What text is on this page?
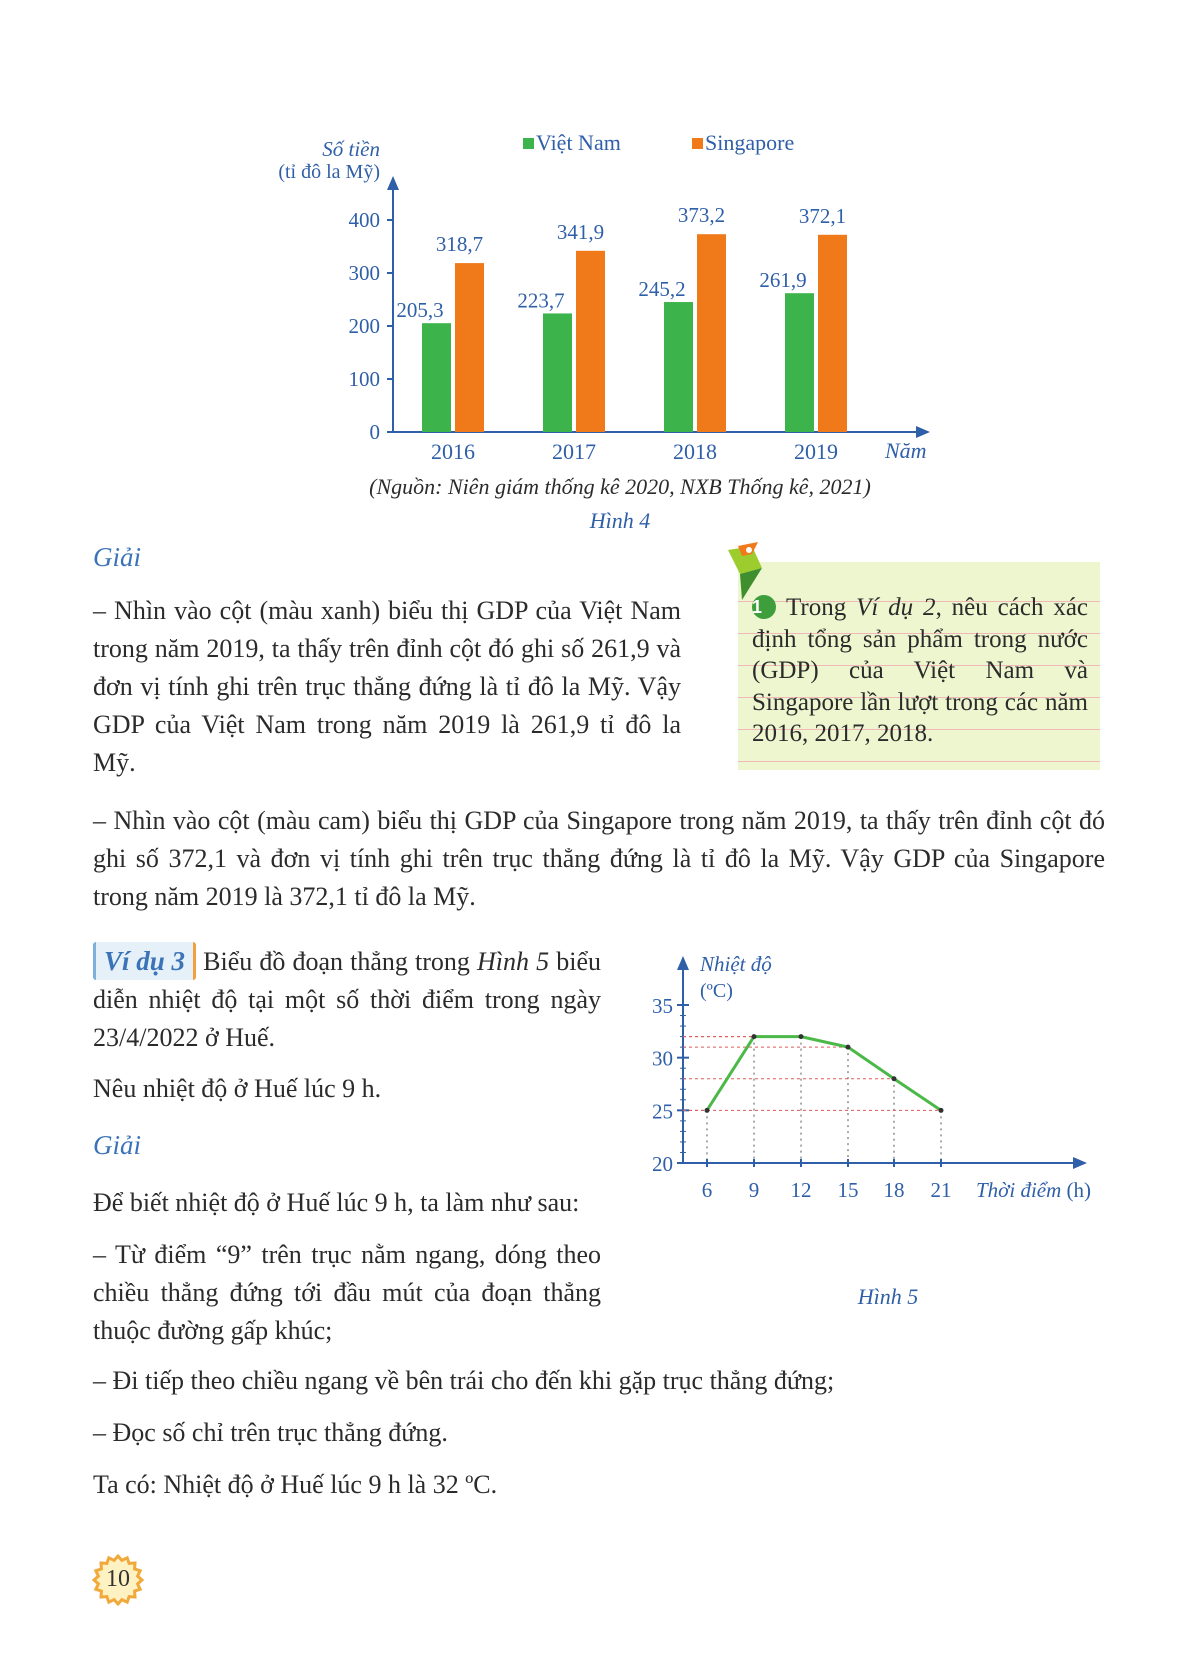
Số tiền
(tỉ đô la Mỹ)
Năm
0
100
200
300
400
2016
205,3
318,7
2017
223,7
341,9
2018
245,2
373,2
2019
261,9
372,1
Việt Nam	Singapore
(Nguồn: Niên giám thống kê 2020, NXB Thống kê, 2021)
Hình 4
Giải
– Nhìn vào cột (màu xanh) biểu thị GDP của Việt Nam trong năm 2019, ta thấy trên đỉnh cột đó ghi số 261,9 và đơn vị tính ghi trên trục thẳng đứng là tỉ đô la Mỹ. Vậy GDP của Việt Nam trong năm 2019 là 261,9 tỉ đô la Mỹ.
1 Trong Ví dụ 2, nêu cách xác định tổng sản phẩm trong nước (GDP) của Việt Nam và Singapore lần lượt trong các năm 2016, 2017, 2018.
– Nhìn vào cột (màu cam) biểu thị GDP của Singapore trong năm 2019, ta thấy trên đỉnh cột đó ghi số 372,1 và đơn vị tính ghi trên trục thẳng đứng là tỉ đô la Mỹ. Vậy GDP của Singapore trong năm 2019 là 372,1 tỉ đô la Mỹ.
Ví dụ 3 Biểu đồ đoạn thẳng trong Hình 5 biểu diễn nhiệt độ tại một số thời điểm trong ngày 23/4/2022 ở Huế.
Nêu nhiệt độ ở Huế lúc 9 h.
Giải
Để biết nhiệt độ ở Huế lúc 9 h, ta làm như sau:
– Từ điểm “9” trên trục nằm ngang, dóng theo chiều thẳng đứng tới đầu mút của đoạn thẳng thuộc đường gấp khúc;
– Đi tiếp theo chiều ngang về bên trái cho đến khi gặp trục thẳng đứng;
– Đọc số chỉ trên trục thẳng đứng.
Ta có: Nhiệt độ ở Huế lúc 9 h là 32 ºC.
Nhiệt độ
(ºC)
Thời điểm (h)
20
25
30
35
6 9 12 15 18 21
Hình 5
10
